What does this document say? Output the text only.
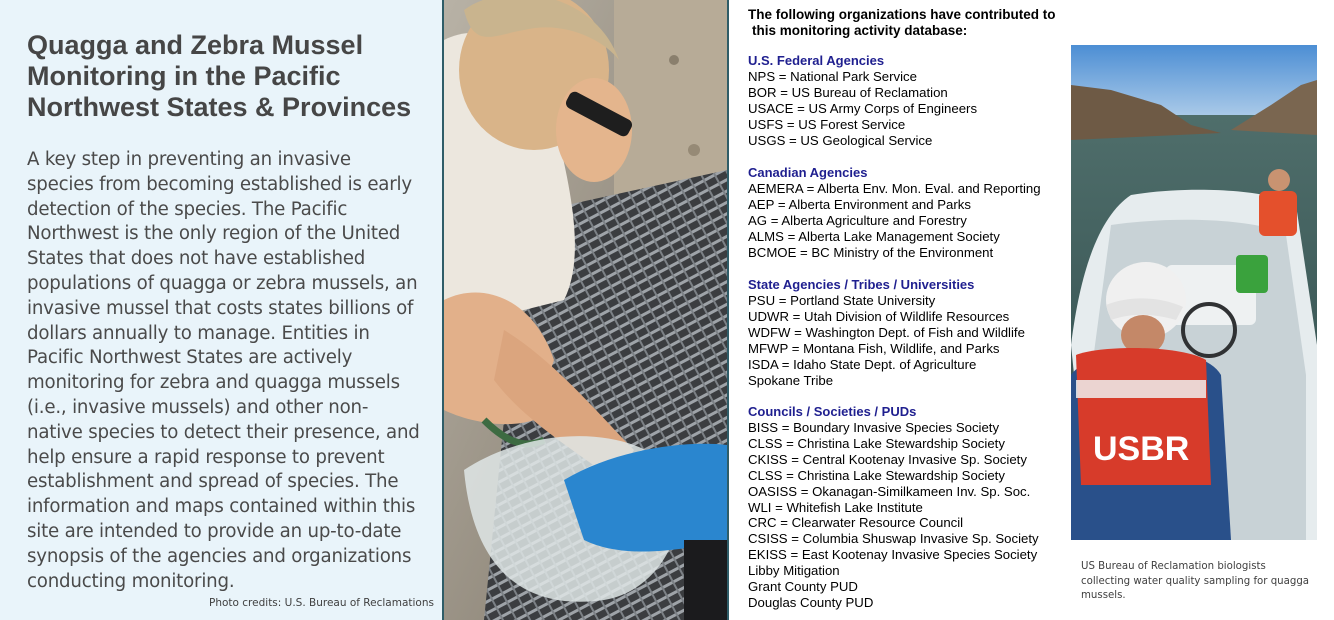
Quagga and Zebra Mussel Monitoring in the Pacific Northwest States & Provinces

A key step in preventing an invasive species from becoming established is early detection of the species. The Pacific Northwest is the only region of the United States that does not have established populations of quagga or zebra mussels, an invasive mussel that costs states billions of dollars annually to manage. Entities in Pacific Northwest States are actively monitoring for zebra and quagga mussels (i.e., invasive mussels) and other non-native species to detect their presence, and help ensure a rapid response to prevent establishment and spread of species. The information and maps contained within this site are intended to provide an up-to-date synopsis of the agencies and organizations conducting monitoring.

Photo credits: U.S. Bureau of Reclamations
The following organizations have contributed to
this monitoring activity database:
U.S. Federal Agencies
NPS = National Park Service
BOR = US Bureau of Reclamation
USACE = US Army Corps of Engineers
USFS = US Forest Service
USGS = US Geological Service
Canadian Agencies
AEMERA = Alberta Env. Mon. Eval. and Reporting
AEP = Alberta Environment and Parks
AG = Alberta Agriculture and Forestry
ALMS = Alberta Lake Management Society
BCMOE = BC Ministry of the Environment
State Agencies / Tribes / Universities
PSU = Portland State University
UDWR = Utah Division of Wildlife Resources
WDFW = Washington Dept. of Fish and Wildlife
MFWP = Montana Fish, Wildlife, and Parks
ISDA = Idaho State Dept. of Agriculture
Spokane Tribe
Councils / Societies / PUDs
BISS = Boundary Invasive Species Society
CLSS = Christina Lake Stewardship Society
CKISS = Central Kootenay Invasive Sp. Society
CLSS = Christina Lake Stewardship Society
OASISS = Okanagan-Similkameen Inv. Sp. Soc.
WLI = Whitefish Lake Institute
CRC = Clearwater Resource Council
CSISS = Columbia Shuswap Invasive Sp. Society
EKISS = East Kootenay Invasive Species Society
Libby Mitigation
Grant County PUD
Douglas County PUD
USBR
US Bureau of Reclamation biologists collecting water quality sampling for quagga mussels.
